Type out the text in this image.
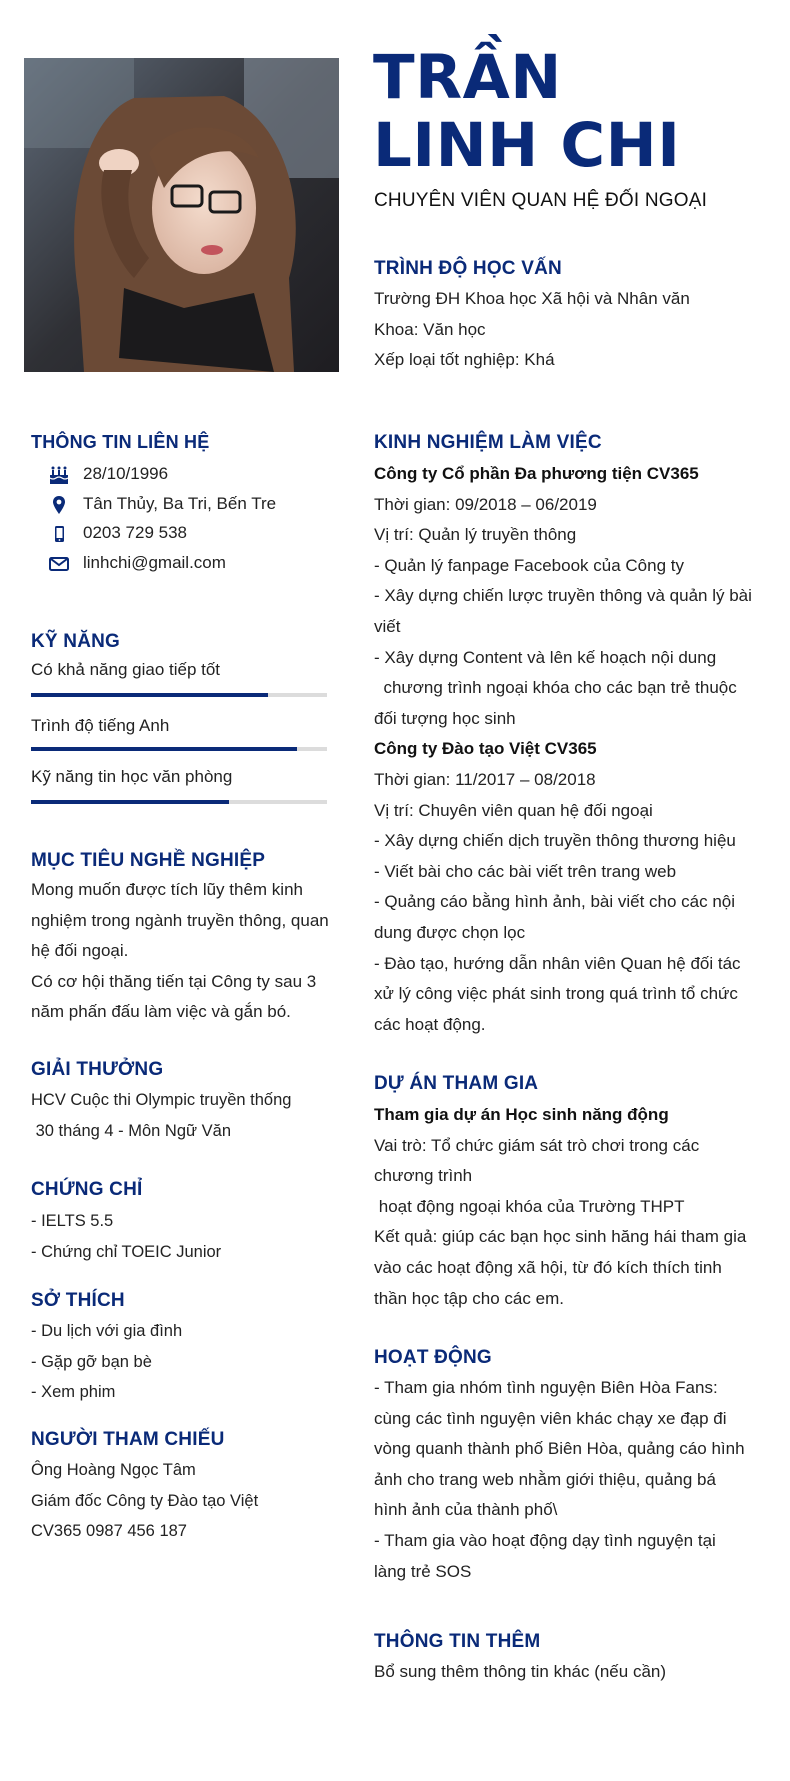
TRẦN
LINH CHI
CHUYÊN VIÊN QUAN HỆ ĐỐI NGOẠI
TRÌNH ĐỘ HỌC VẤN
Trường ĐH Khoa học Xã hội và Nhân văn
Khoa: Văn học
Xếp loại tốt nghiệp: Khá
THÔNG TIN LIÊN HỆ
28/10/1996
Tân Thủy, Ba Tri, Bến Tre
0203 729 538
linhchi@gmail.com
KỸ NĂNG
Có khả năng giao tiếp tốt
Trình độ tiếng Anh
Kỹ năng tin học văn phòng
MỤC TIÊU NGHỀ NGHIỆP
Mong muốn được tích lũy thêm kinh
nghiệm trong ngành truyền thông, quan
hệ đối ngoại.
Có cơ hội thăng tiến tại Công ty sau 3
năm phấn đấu làm việc và gắn bó.
GIẢI THƯỞNG
HCV Cuộc thi Olympic truyền thống
30 tháng 4 - Môn Ngữ Văn
CHỨNG CHỈ
- IELTS 5.5
- Chứng chỉ TOEIC Junior
SỞ THÍCH
- Du lịch với gia đình
- Gặp gỡ bạn bè
- Xem phim
NGƯỜI THAM CHIẾU
Ông Hoàng Ngọc Tâm
Giám đốc Công ty Đào tạo Việt
CV365 0987 456 187
KINH NGHIỆM LÀM VIỆC
Công ty Cổ phần Đa phương tiện CV365
Thời gian: 09/2018 – 06/2019
Vị trí: Quản lý truyền thông
- Quản lý fanpage Facebook của Công ty
- Xây dựng chiến lược truyền thông và quản lý bài
viết
- Xây dựng Content và lên kế hoạch nội dung
chương trình ngoại khóa cho các bạn trẻ thuộc
đối tượng học sinh
Công ty Đào tạo Việt CV365
Thời gian: 11/2017 – 08/2018
Vị trí: Chuyên viên quan hệ đối ngoại
- Xây dựng chiến dịch truyền thông thương hiệu
- Viết bài cho các bài viết trên trang web
- Quảng cáo bằng hình ảnh, bài viết cho các nội
dung được chọn lọc
- Đào tạo, hướng dẫn nhân viên Quan hệ đối tác
xử lý công việc phát sinh trong quá trình tổ chức
các hoạt động.
DỰ ÁN THAM GIA
Tham gia dự án Học sinh năng động
Vai trò: Tổ chức giám sát trò chơi trong các
chương trình
hoạt động ngoại khóa của Trường THPT
Kết quả: giúp các bạn học sinh hăng hái tham gia
vào các hoạt động xã hội, từ đó kích thích tinh
thần học tập cho các em.
HOẠT ĐỘNG
- Tham gia nhóm tình nguyện Biên Hòa Fans:
cùng các tình nguyện viên khác chạy xe đạp đi
vòng quanh thành phố Biên Hòa, quảng cáo hình
ảnh cho trang web nhằm giới thiệu, quảng bá
hình ảnh của thành phố\
- Tham gia vào hoạt động dạy tình nguyện tại
làng trẻ SOS
THÔNG TIN THÊM
Bổ sung thêm thông tin khác (nếu cần)
